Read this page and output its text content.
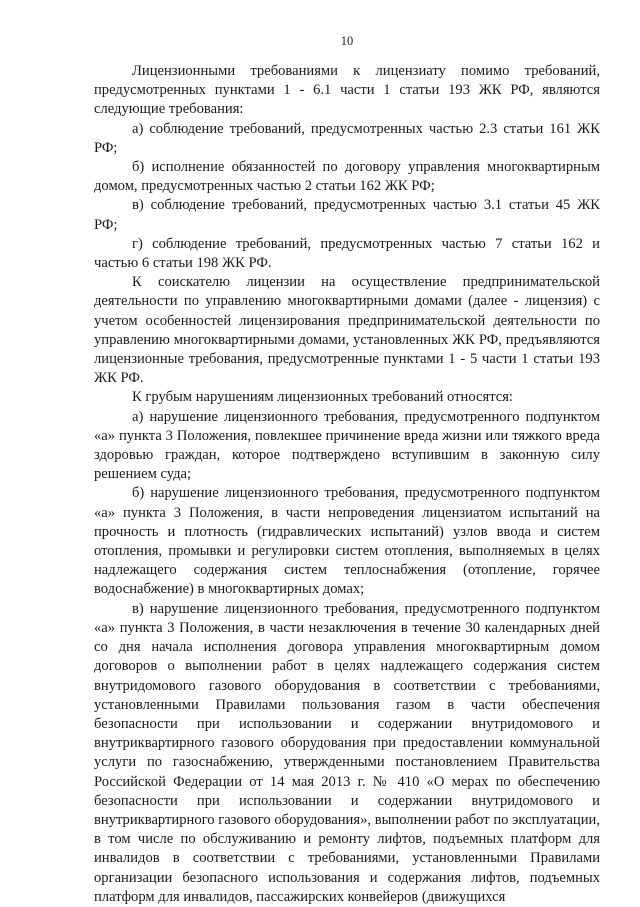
10

Лицензионными требованиями к лицензиату помимо требований, предусмотренных пунктами 1 - 6.1 части 1 статьи 193 ЖК РФ, являются следующие требования:

а) соблюдение требований, предусмотренных частью 2.3 статьи 161 ЖК РФ;

б) исполнение обязанностей по договору управления многоквартирным домом, предусмотренных частью 2 статьи 162 ЖК РФ;

в) соблюдение требований, предусмотренных частью 3.1 статьи 45 ЖК РФ;

г) соблюдение требований, предусмотренных частью 7 статьи 162 и частью 6 статьи 198 ЖК РФ.

К соискателю лицензии на осуществление предпринимательской деятельности по управлению многоквартирными домами (далее - лицензия) с учетом особенностей лицензирования предпринимательской деятельности по управлению многоквартирными домами, установленных ЖК РФ, предъявляются лицензионные требования, предусмотренные пунктами 1 - 5 части 1 статьи 193 ЖК РФ.

К грубым нарушениям лицензионных требований относятся:

а) нарушение лицензионного требования, предусмотренного подпунктом «а» пункта 3 Положения, повлекшее причинение вреда жизни или тяжкого вреда здоровью граждан, которое подтверждено вступившим в законную силу решением суда;

б) нарушение лицензионного требования, предусмотренного подпунктом «а» пункта 3 Положения, в части непроведения лицензиатом испытаний на прочность и плотность (гидравлических испытаний) узлов ввода и систем отопления, промывки и регулировки систем отопления, выполняемых в целях надлежащего содержания систем теплоснабжения (отопление, горячее водоснабжение) в многоквартирных домах;

в) нарушение лицензионного требования, предусмотренного подпунктом «а» пункта 3 Положения, в части незаключения в течение 30 календарных дней со дня начала исполнения договора управления многоквартирным домом договоров о выполнении работ в целях надлежащего содержания систем внутридомового газового оборудования в соответствии с требованиями, установленными Правилами пользования газом в части обеспечения безопасности при использовании и содержании внутридомового и внутриквартирного газового оборудования при предоставлении коммунальной услуги по газоснабжению, утвержденными постановлением Правительства Российской Федерации от 14 мая 2013 г. № 410 «О мерах по обеспечению безопасности при использовании и содержании внутридомового и внутриквартирного газового оборудования», выполнении работ по эксплуатации, в том числе по обслуживанию и ремонту лифтов, подъемных платформ для инвалидов в соответствии с требованиями, установленными Правилами организации безопасного использования и содержания лифтов, подъемных платформ для инвалидов, пассажирских конвейеров (движущихся
